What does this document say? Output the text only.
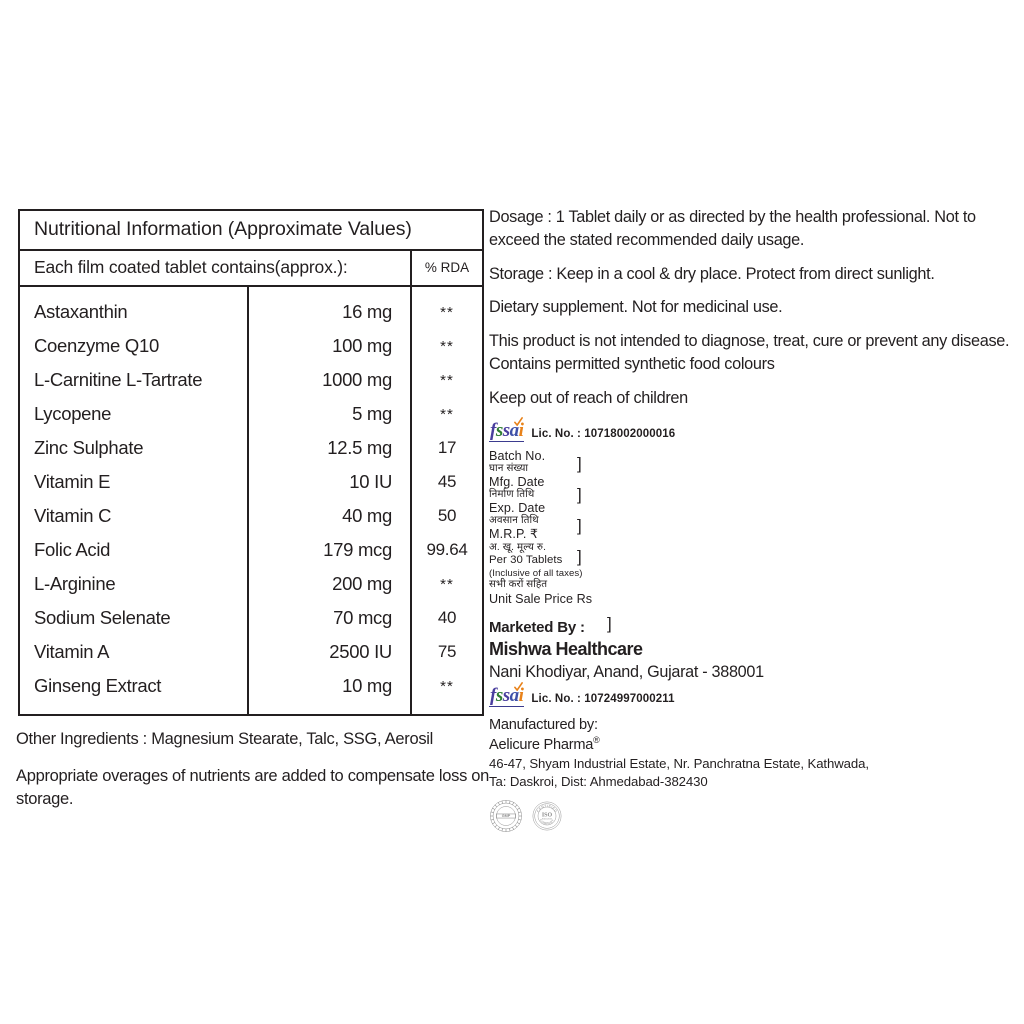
Nutritional Information (Approximate Values)		
Each film coated tablet contains(approx.):		% RDA

Astaxanthin	16 mg	**
Coenzyme Q10	100 mg	**
L-Carnitine L-Tartrate	1000 mg	**
Lycopene	5 mg	**
Zinc Sulphate	12.5 mg	17
Vitamin E	10 IU	45
Vitamin C	40 mg	50
Folic Acid	179 mcg	99.64
L-Arginine	200 mg	**
Sodium Selenate	70 mcg	40
Vitamin A	2500 IU	75
Ginseng Extract	10 mg	**

Other Ingredients : Magnesium Stearate, Talc, SSG, Aerosil
Appropriate overages of nutrients are added to compensate loss on storage.
Dosage : 1 Tablet daily or as directed by the health professional. Not to exceed the stated recommended daily usage.
Storage : Keep in a cool & dry place. Protect from direct sunlight.
Dietary supplement. Not for medicinal use.
This product is not intended to diagnose, treat, cure or prevent any disease. Contains permitted synthetic food colours
Keep out of reach of children
fssai Lic. No. : 10718002000016
Batch No.
घान संख्या
Mfg. Date
निर्माण तिथि
Exp. Date
अवसान तिथि
M.R.P. ₹
अ. खू. मूल्य रु.
Per 30 Tablets
(Inclusive of all taxes)
सभी करों सहित
Unit Sale Price Rs
]
]
]
]
]
Marketed By :
Mishwa Healthcare
Nani Khodiyar, Anand, Gujarat - 388001
fssai Lic. No. : 10724997000211
Manufactured by:
Aelicure Pharma®
46-47, Shyam Industrial Estate, Nr. Panchratna Estate, Kathwada,
Ta: Daskroi, Dist: Ahmedabad-382430
GMP
CERTIFIED
COMPANY
ISO
9001:2015
